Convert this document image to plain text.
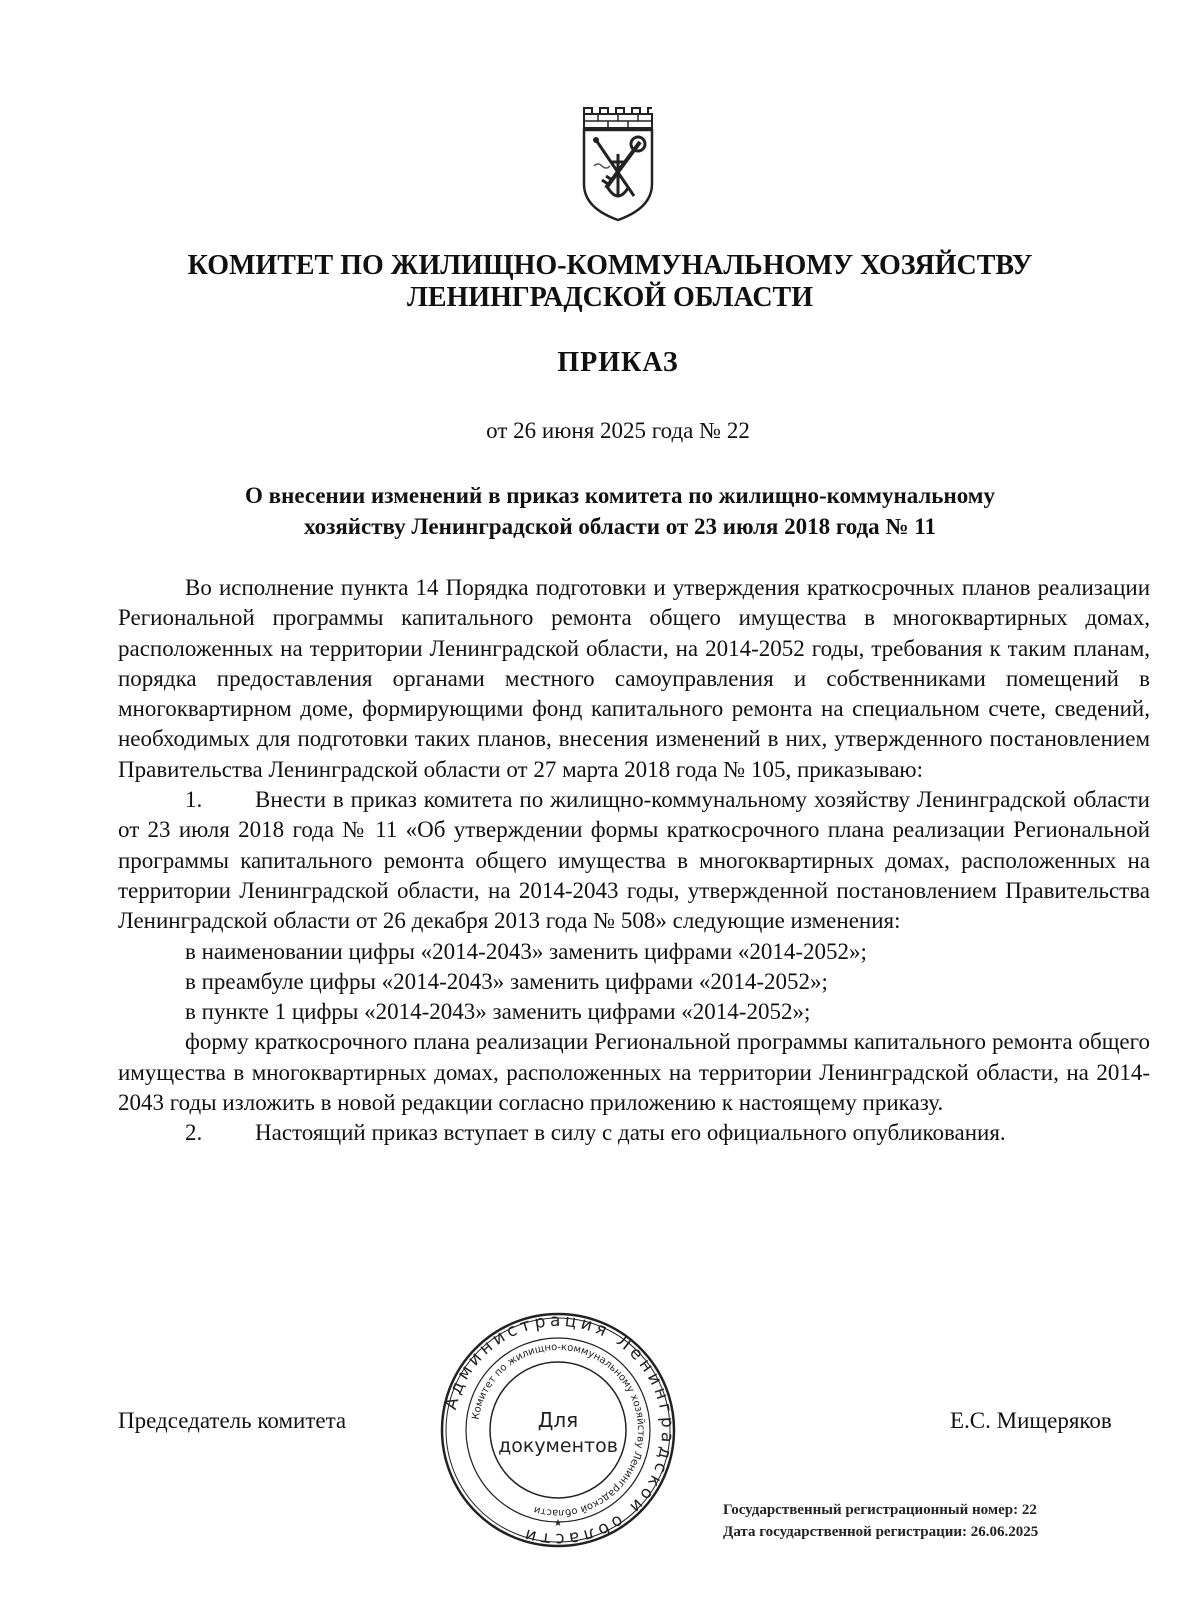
КОМИТЕТ ПО ЖИЛИЩНО-КОММУНАЛЬНОМУ ХОЗЯЙСТВУ
ЛЕНИНГРАДСКОЙ ОБЛАСТИ
ПРИКАЗ
от 26 июня 2025 года № 22
О внесении изменений в приказ комитета по жилищно-коммунальному
хозяйству Ленинградской области от 23 июля 2018 года № 11

Во исполнение пункта 14 Порядка подготовки и утверждения краткосрочных планов реализации Региональной программы капитального ремонта общего имущества в многоквартирных домах, расположенных на территории Ленинградской области, на 2014-2052 годы, требования к таким планам, порядка предоставления органами местного самоуправления и собственниками помещений в многоквартирном доме, формирующими фонд капитального ремонта на специальном счете, сведений, необходимых для подготовки таких планов, внесения изменений в них, утвержденного постановлением Правительства Ленинградской области от 27 марта 2018 года № 105, приказываю:

1. Внести в приказ комитета по жилищно-коммунальному хозяйству Ленинградской области от 23 июля 2018 года № 11 «Об утверждении формы краткосрочного плана реализации Региональной программы капитального ремонта общего имущества в многоквартирных домах, расположенных на территории Ленинградской области, на 2014-2043 годы, утвержденной постановлением Правительства Ленинградской области от 26 декабря 2013 года № 508» следующие изменения:

в наименовании цифры «2014-2043» заменить цифрами «2014-2052»;

в преамбуле цифры «2014-2043» заменить цифрами «2014-2052»;

в пункте 1 цифры «2014-2043» заменить цифрами «2014-2052»;

форму краткосрочного плана реализации Региональной программы капитального ремонта общего имущества в многоквартирных домах, расположенных на территории Ленинградской области, на 2014-2043 годы изложить в новой редакции согласно приложению к настоящему приказу.

2. Настоящий приказ вступает в силу с даты его официального опубликования.

Председатель комитета	Е.С. Мищеряков
Администрация Ленинградской области
Комитет по жилищно-коммунальному хозяйству Ленинградской области
Для
документов
★
Государственный регистрационный номер: 22
Дата государственной регистрации: 26.06.2025
